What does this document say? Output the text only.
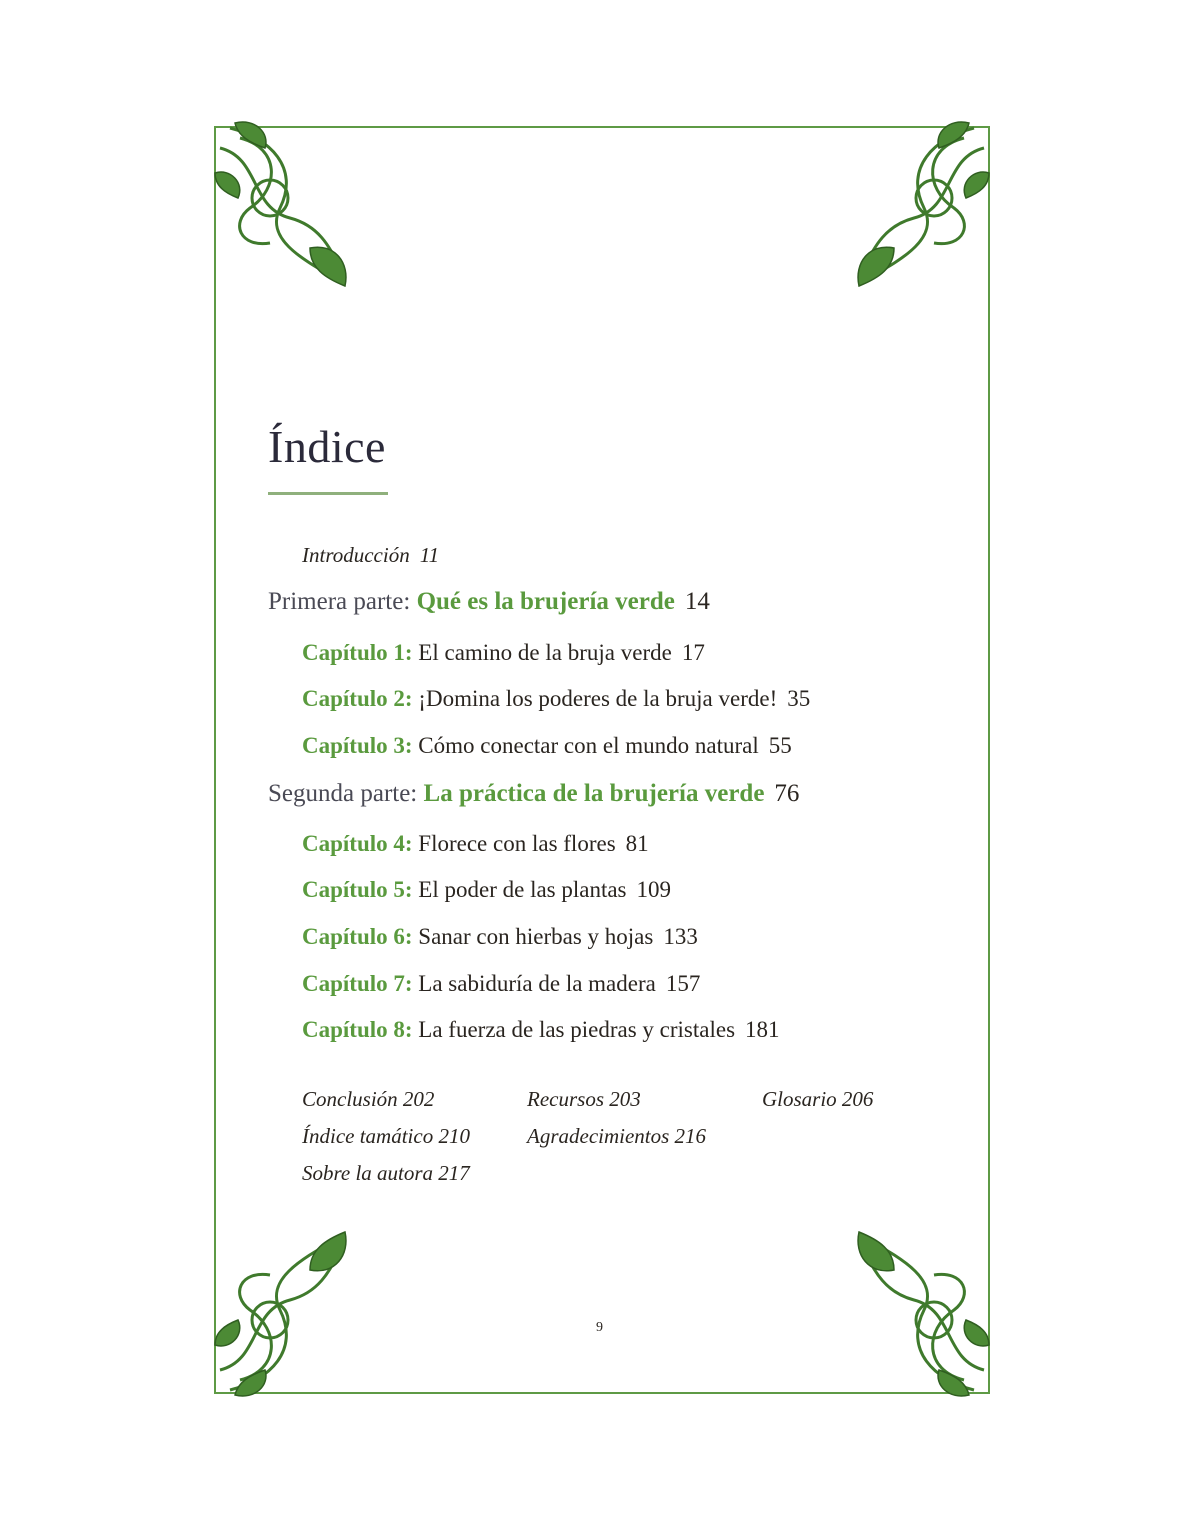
Índice
Introducción 11
Primera parte: Qué es la brujería verde 14
Capítulo 1: El camino de la bruja verde 17
Capítulo 2: ¡Domina los poderes de la bruja verde! 35
Capítulo 3: Cómo conectar con el mundo natural 55
Segunda parte: La práctica de la brujería verde 76
Capítulo 4: Florece con las flores 81
Capítulo 5: El poder de las plantas 109
Capítulo 6: Sanar con hierbas y hojas 133
Capítulo 7: La sabiduría de la madera 157
Capítulo 8: La fuerza de las piedras y cristales 181
Conclusión 202	Recursos 203	Glosario 206
Índice tamático 210	Agradecimientos 216
Sobre la autora 217
9
